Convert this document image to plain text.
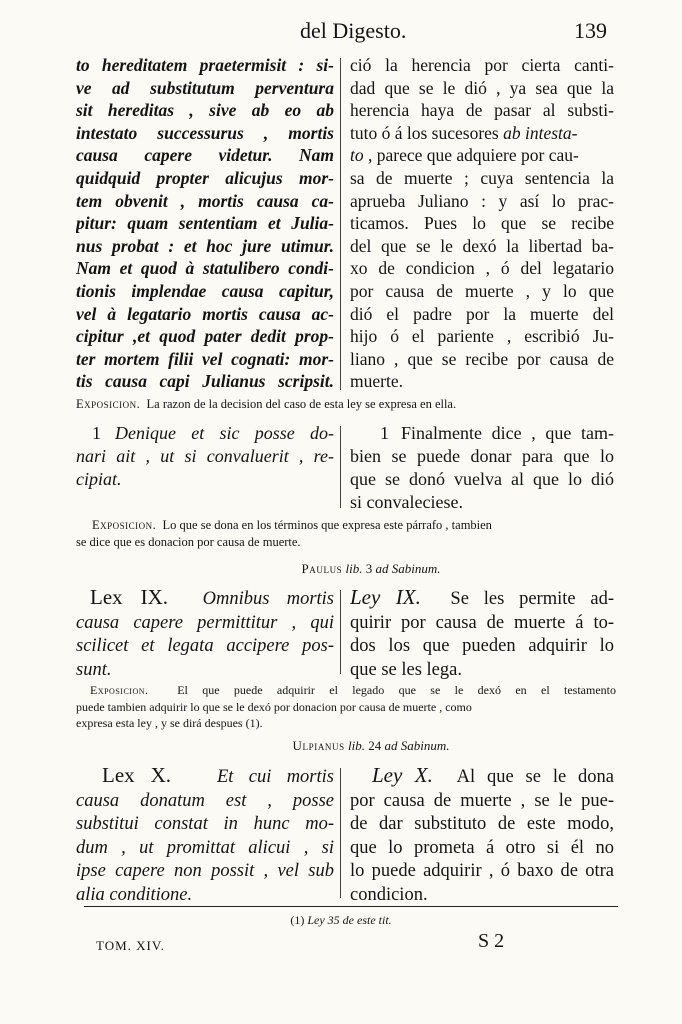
del Digesto.	139
to hereditatem praetermisit : si-
ve ad substitutum perventura
sit hereditas , sive ab eo ab
intestato successurus , mortis
causa capere videtur. Nam
quidquid propter alicujus mor-
tem obvenit , mortis causa ca-
pitur: quam sententiam et Julia-
nus probat : et hoc jure utimur.
Nam et quod à statulibero condi-
tionis implendae causa capitur,
vel à legatario mortis causa ac-
cipitur ,et quod pater dedit prop-
ter mortem filii vel cognati: mor-
tis causa capi Julianus scripsit.
ció la herencia por cierta canti-
dad que se le dió , ya sea que la
herencia haya de pasar al substi-
tuto ó á los sucesores ab intesta-
to , parece que adquiere por cau-
sa de muerte ; cuya sentencia la
aprueba Juliano : y así lo prac-
ticamos. Pues lo que se recibe
del que se le dexó la libertad ba-
xo de condicion , ó del legatario
por causa de muerte , y lo que
dió el padre por la muerte del
hijo ó el pariente , escribió Ju-
liano , que se recibe por causa de
muerte.
Exposicion. La razon de la decision del caso de esta ley se expresa en ella.
1 Denique et sic posse do-
nari ait , ut si convaluerit , re-
cipiat.
1 Finalmente dice , que tam-
bien se puede donar para que lo
que se donó vuelva al que lo dió
si convaleciese.
Exposicion. Lo que se dona en los términos que expresa este párrafo , tambien
se dice que es donacion por causa de muerte.
Paulus lib. 3 ad Sabinum.
Lex IX. Omnibus mortis
causa capere permittitur , qui
scilicet et legata accipere pos-
sunt.
Ley IX. Se les permite ad-
quirir por causa de muerte á to-
dos los que pueden adquirir lo
que se les lega.
Exposicion. El que puede adquirir el legado que se le dexó en el testamento
puede tambien adquirir lo que se le dexó por donacion por causa de muerte , como
expresa esta ley , y se dirá despues (1).
Ulpianus lib. 24 ad Sabinum.
Lex X. Et cui mortis
causa donatum est , posse
substitui constat in hunc mo-
dum , ut promittat alicui , si
ipse capere non possit , vel sub
alia conditione.
Ley X. Al que se le dona
por causa de muerte , se le pue-
de dar substituto de este modo,
que lo prometa á otro si él no
lo puede adquirir , ó baxo de otra
condicion.
(1) Ley 35 de este tit.
TOM. XIV.	S 2
